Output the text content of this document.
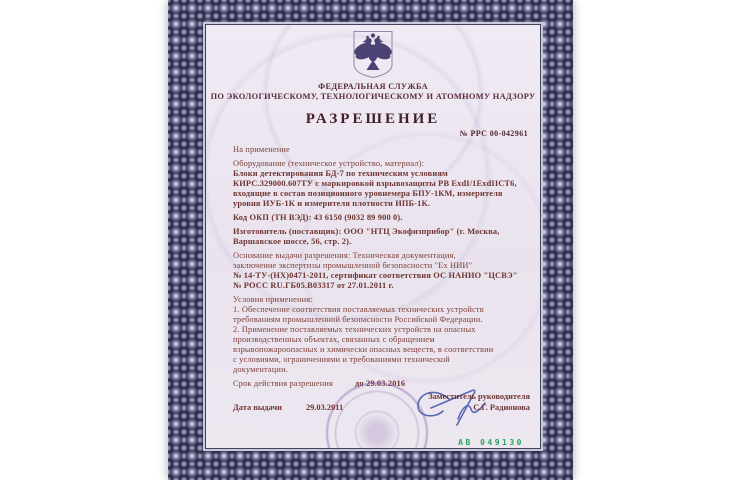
ФЕДЕРАЛЬНАЯ СЛУЖБА
ПО ЭКОЛОГИЧЕСКОМУ, ТЕХНОЛОГИЧЕСКОМУ И АТОМНОМУ НАДЗОРУ
РАЗРЕШЕНИЕ
№ РРС 00-042961

На применение

Оборудование (техническое устройство, материал):
Блоки детектирования БД-7 по техническим условиям
КИРС.329000.607ТУ с маркировкой взрывозащиты РВ ExdI/1ExdIICT6,
входящие в состав позиционного уровнемера БПУ-1КМ, измерителя
уровня ИУБ-1К и измерителя плотности ИПБ-1К.

Код ОКП (ТН ВЭД): 43 6150 (9032 89 900 0).

Изготовитель (поставщик): ООО "НТЦ Экофизприбор" (г. Москва,
Варшавское шоссе, 56, стр. 2).

Основание выдачи разрешения: Техническая документация,
заключение экспертизы промышленной безопасности "Ex НИИ"
№ 14-ТУ-(НХ)0471-2011, сертификат соответствия ОС НАНИО "ЦСВЭ"
№ РОСС RU.ГБ05.В03317 от 27.01.2011 г.

Условия применения:
1. Обеспечение соответствия поставляемых технических устройств
требованиям промышленной безопасности Российской Федерации.
2. Применение поставляемых технических устройств на опасных
производственных объектах, связанных с обращением
взрывопожароопасных и химически опасных веществ, в соответствии
с условиями, ограничениями и требованиями технической
документации.

Срок действия разрешения	до 29.03.2016

Дата выдачи	29.03.2011
Заместитель руководителя
С.Г. Радионова
АВ 049130
